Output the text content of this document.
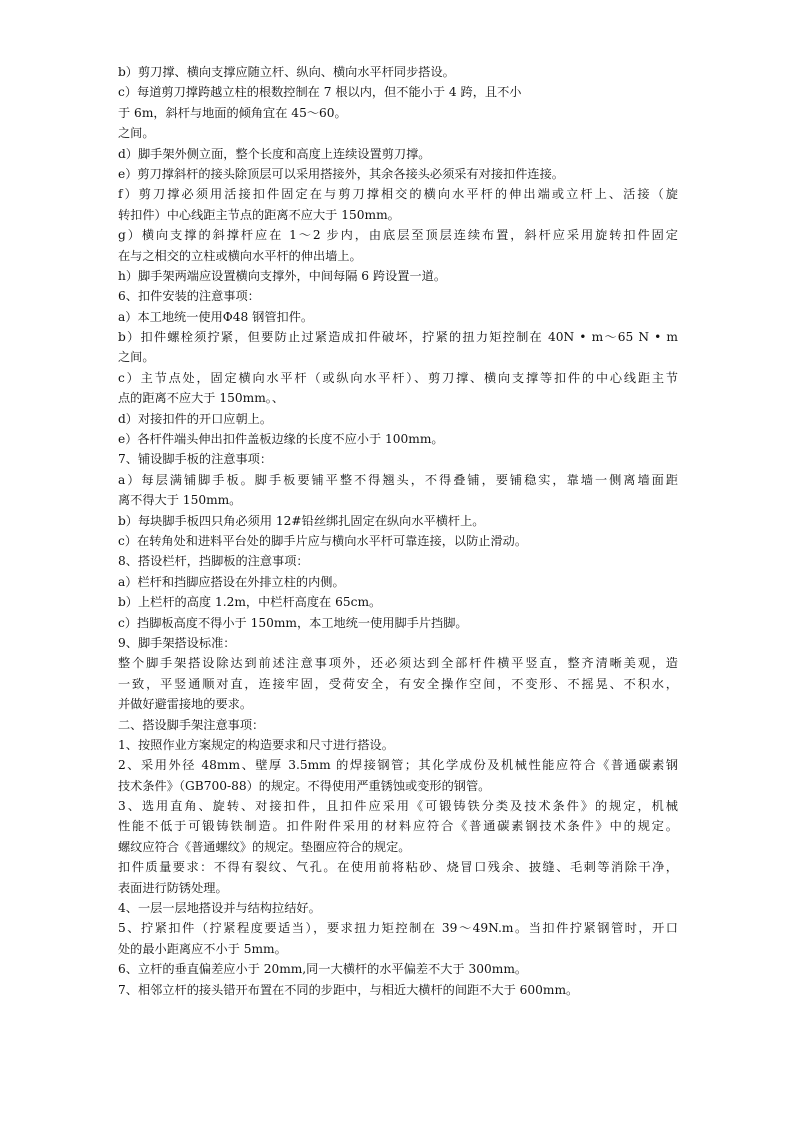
b）剪刀撑、横向支撑应随立杆、纵向、横向水平杆同步搭设。

c）每道剪刀撑跨越立柱的根数控制在 7 根以内，但不能小于 4 跨，且不小

于 6m，斜杆与地面的倾角宜在 45～60。

之间。

d）脚手架外侧立面，整个长度和高度上连续设置剪刀撑。

e）剪刀撑斜杆的接头除顶层可以采用搭接外，其余各接头必须采有对接扣件连接。

f）剪刀撑必须用活接扣件固定在与剪刀撑相交的横向水平杆的伸出端或立杆上、活接（旋

转扣件）中心线距主节点的距离不应大于 150mm。

g）横向支撑的斜撑杆应在 1～2 步内，由底层至顶层连续布置，斜杆应采用旋转扣件固定

在与之相交的立柱或横向水平杆的伸出墙上。

h）脚手架两端应设置横向支撑外，中间每隔 6 跨设置一道。

6、扣件安装的注意事项：

a）本工地统一使用Φ48 钢管扣件。

b）扣件螺栓须拧紧，但要防止过紧造成扣件破坏，拧紧的扭力矩控制在 40N • m～65 N • m

之间。

c）主节点处，固定横向水平杆（或纵向水平杆）、剪刀撑、横向支撑等扣件的中心线距主节

点的距离不应大于 150mm。、

d）对接扣件的开口应朝上。

e）各杆件端头伸出扣件盖板边缘的长度不应小于 100mm。

7、铺设脚手板的注意事项：

a）每层满铺脚手板。脚手板要铺平整不得翘头，不得叠铺，要铺稳实，靠墙一侧离墙面距

离不得大于 150mm。

b）每块脚手板四只角必须用 12#铅丝绑扎固定在纵向水平横杆上。

c）在转角处和进料平台处的脚手片应与横向水平杆可靠连接，以防止滑动。

8、搭设栏杆，挡脚板的注意事项：

a）栏杆和挡脚应搭设在外排立柱的内侧。

b）上栏杆的高度 1.2m，中栏杆高度在 65cm。

c）挡脚板高度不得小于 150mm，本工地统一使用脚手片挡脚。

9、脚手架搭设标准：

整个脚手架搭设除达到前述注意事项外，还必须达到全部杆件横平竖直，整齐清晰美观，造

一致，平竖通顺对直，连接牢固，受荷安全，有安全操作空间，不变形、不摇晃、不积水，

并做好避雷接地的要求。

二、搭设脚手架注意事项：

1、按照作业方案规定的构造要求和尺寸进行搭设。

2、采用外径 48mm、壁厚 3.5mm 的焊接钢管；其化学成份及机械性能应符合《普通碳素钢

技术条件》（GB700-88）的规定。不得使用严重锈蚀或变形的钢管。

3、选用直角、旋转、对接扣件，且扣件应采用《可锻铸铁分类及技术条件》的规定，机械

性能不低于可锻铸铁制造。扣件附件采用的材料应符合《普通碳素钢技术条件》中的规定。

螺纹应符合《普通螺纹》的规定。垫圈应符合的规定。

扣件质量要求：不得有裂纹、气孔。在使用前将粘砂、烧冒口残余、披缝、毛刺等消除干净，

表面进行防锈处理。

4、一层一层地搭设并与结构拉结好。

5、拧紧扣件（拧紧程度要适当），要求扭力矩控制在 39～49N.m。当扣件拧紧钢管时，开口

处的最小距离应不小于 5mm。

6、立杆的垂直偏差应小于 20mm,同一大横杆的水平偏差不大于 300mm。

7、相邻立杆的接头错开布置在不同的步距中，与相近大横杆的间距不大于 600mm。
